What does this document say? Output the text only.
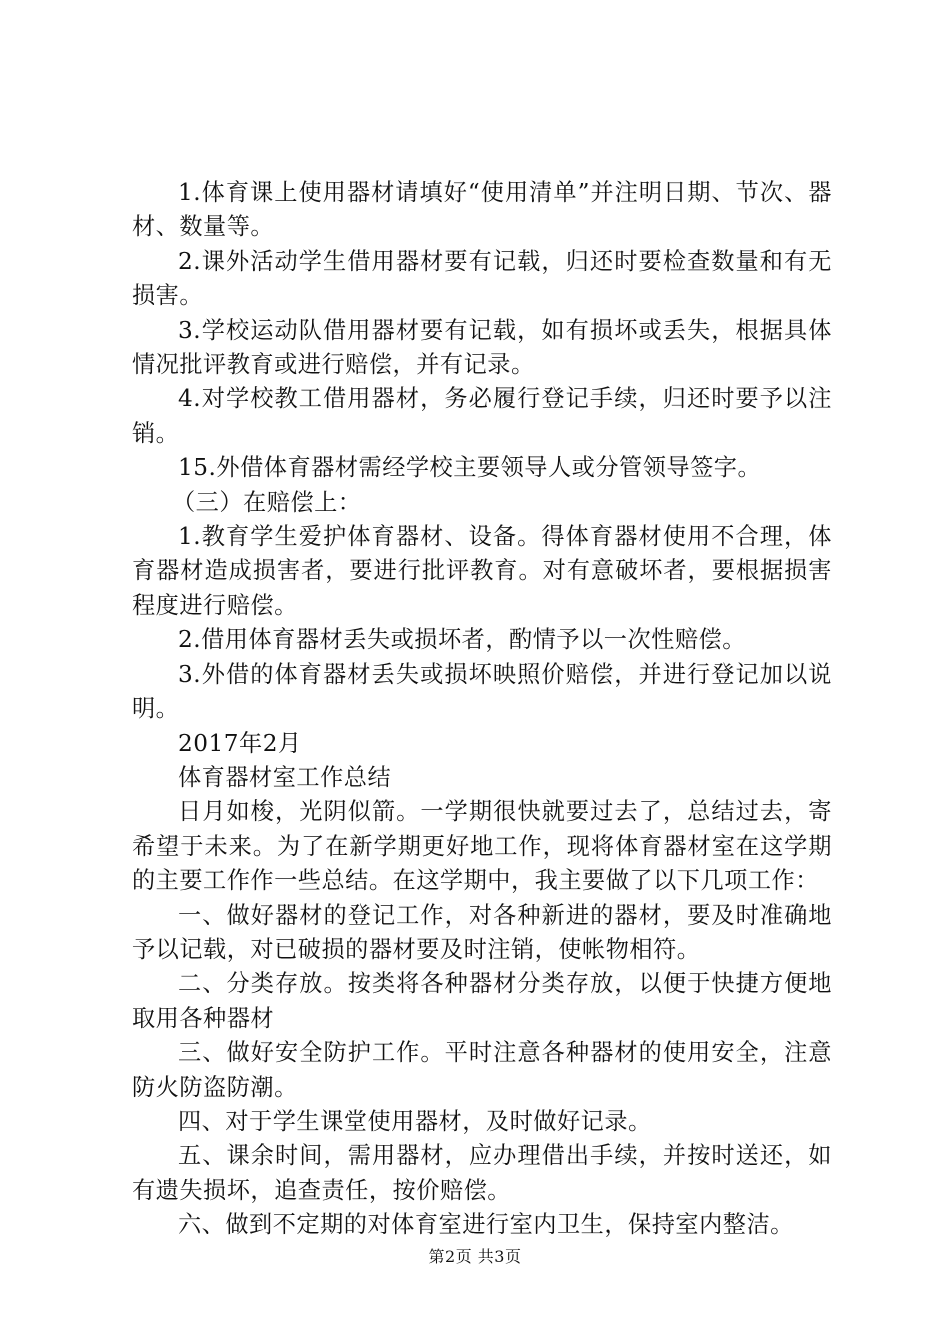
1.体育课上使用器材请填好“使用清单”并注明日期、节次、器材、数量等。

2.课外活动学生借用器材要有记载，归还时要检查数量和有无损害。

3.学校运动队借用器材要有记载，如有损坏或丢失，根据具体情况批评教育或进行赔偿，并有记录。

4.对学校教工借用器材，务必履行登记手续，归还时要予以注销。

15.外借体育器材需经学校主要领导人或分管领导签字。

（三）在赔偿上：

1.教育学生爱护体育器材、设备。得体育器材使用不合理，体育器材造成损害者，要进行批评教育。对有意破坏者，要根据损害程度进行赔偿。

2.借用体育器材丢失或损坏者，酌情予以一次性赔偿。

3.外借的体育器材丢失或损坏映照价赔偿，并进行登记加以说明。

2017年2月

体育器材室工作总结

日月如梭，光阴似箭。一学期很快就要过去了，总结过去，寄希望于未来。为了在新学期更好地工作，现将体育器材室在这学期的主要工作作一些总结。在这学期中，我主要做了以下几项工作：

一、做好器材的登记工作，对各种新进的器材，要及时准确地予以记载，对已破损的器材要及时注销，使帐物相符。

二、分类存放。按类将各种器材分类存放，以便于快捷方便地取用各种器材

三、做好安全防护工作。平时注意各种器材的使用安全，注意防火防盗防潮。

四、对于学生课堂使用器材，及时做好记录。

五、课余时间，需用器材，应办理借出手续，并按时送还，如有遗失损坏，追查责任，按价赔偿。

六、做到不定期的对体育室进行室内卫生，保持室内整洁。

第2页 共3页
